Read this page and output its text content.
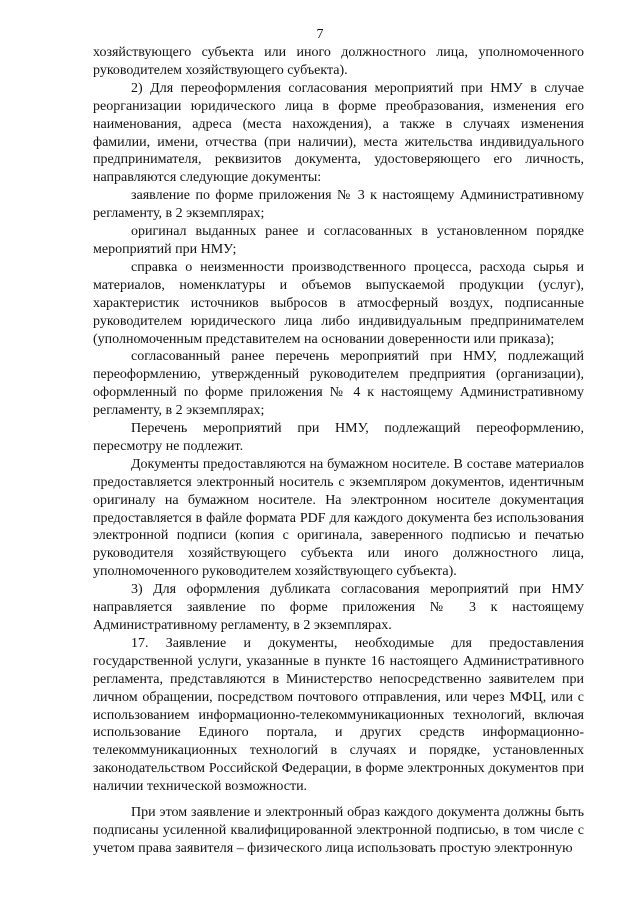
7

хозяйствующего субъекта или иного должностного лица, уполномоченного руководителем хозяйствующего субъекта).

2) Для переоформления согласования мероприятий при НМУ в случае реорганизации юридического лица в форме преобразования, изменения его наименования, адреса (места нахождения), а также в случаях изменения фамилии, имени, отчества (при наличии), места жительства индивидуального предпринимателя, реквизитов документа, удостоверяющего его личность, направляются следующие документы:

заявление по форме приложения № 3 к настоящему Административному регламенту, в 2 экземплярах;

оригинал выданных ранее и согласованных в установленном порядке мероприятий при НМУ;

справка о неизменности производственного процесса, расхода сырья и материалов, номенклатуры и объемов выпускаемой продукции (услуг), характеристик источников выбросов в атмосферный воздух, подписанные руководителем юридического лица либо индивидуальным предпринимателем (уполномоченным представителем на основании доверенности или приказа);

согласованный ранее перечень мероприятий при НМУ, подлежащий переоформлению, утвержденный руководителем предприятия (организации), оформленный по форме приложения № 4 к настоящему Административному регламенту, в 2 экземплярах;

Перечень мероприятий при НМУ, подлежащий переоформлению, пересмотру не подлежит.

Документы предоставляются на бумажном носителе. В составе материалов предоставляется электронный носитель с экземпляром документов, идентичным оригиналу на бумажном носителе. На электронном носителе документация предоставляется в файле формата PDF для каждого документа без использования электронной подписи (копия с оригинала, заверенного подписью и печатью руководителя хозяйствующего субъекта или иного должностного лица, уполномоченного руководителем хозяйствующего субъекта).

3) Для оформления дубликата согласования мероприятий при НМУ направляется заявление по форме приложения № 3 к настоящему Административному регламенту, в 2 экземплярах.

17. Заявление и документы, необходимые для предоставления государственной услуги, указанные в пункте 16 настоящего Административного регламента, представляются в Министерство непосредственно заявителем при личном обращении, посредством почтового отправления, или через МФЦ, или с использованием информационно-телекоммуникационных технологий, включая использование Единого портала, и других средств информационно-телекоммуникационных технологий в случаях и порядке, установленных законодательством Российской Федерации, в форме электронных документов при наличии технической возможности.

При этом заявление и электронный образ каждого документа должны быть подписаны усиленной квалифицированной электронной подписью, в том числе с учетом права заявителя – физического лица использовать простую электронную
